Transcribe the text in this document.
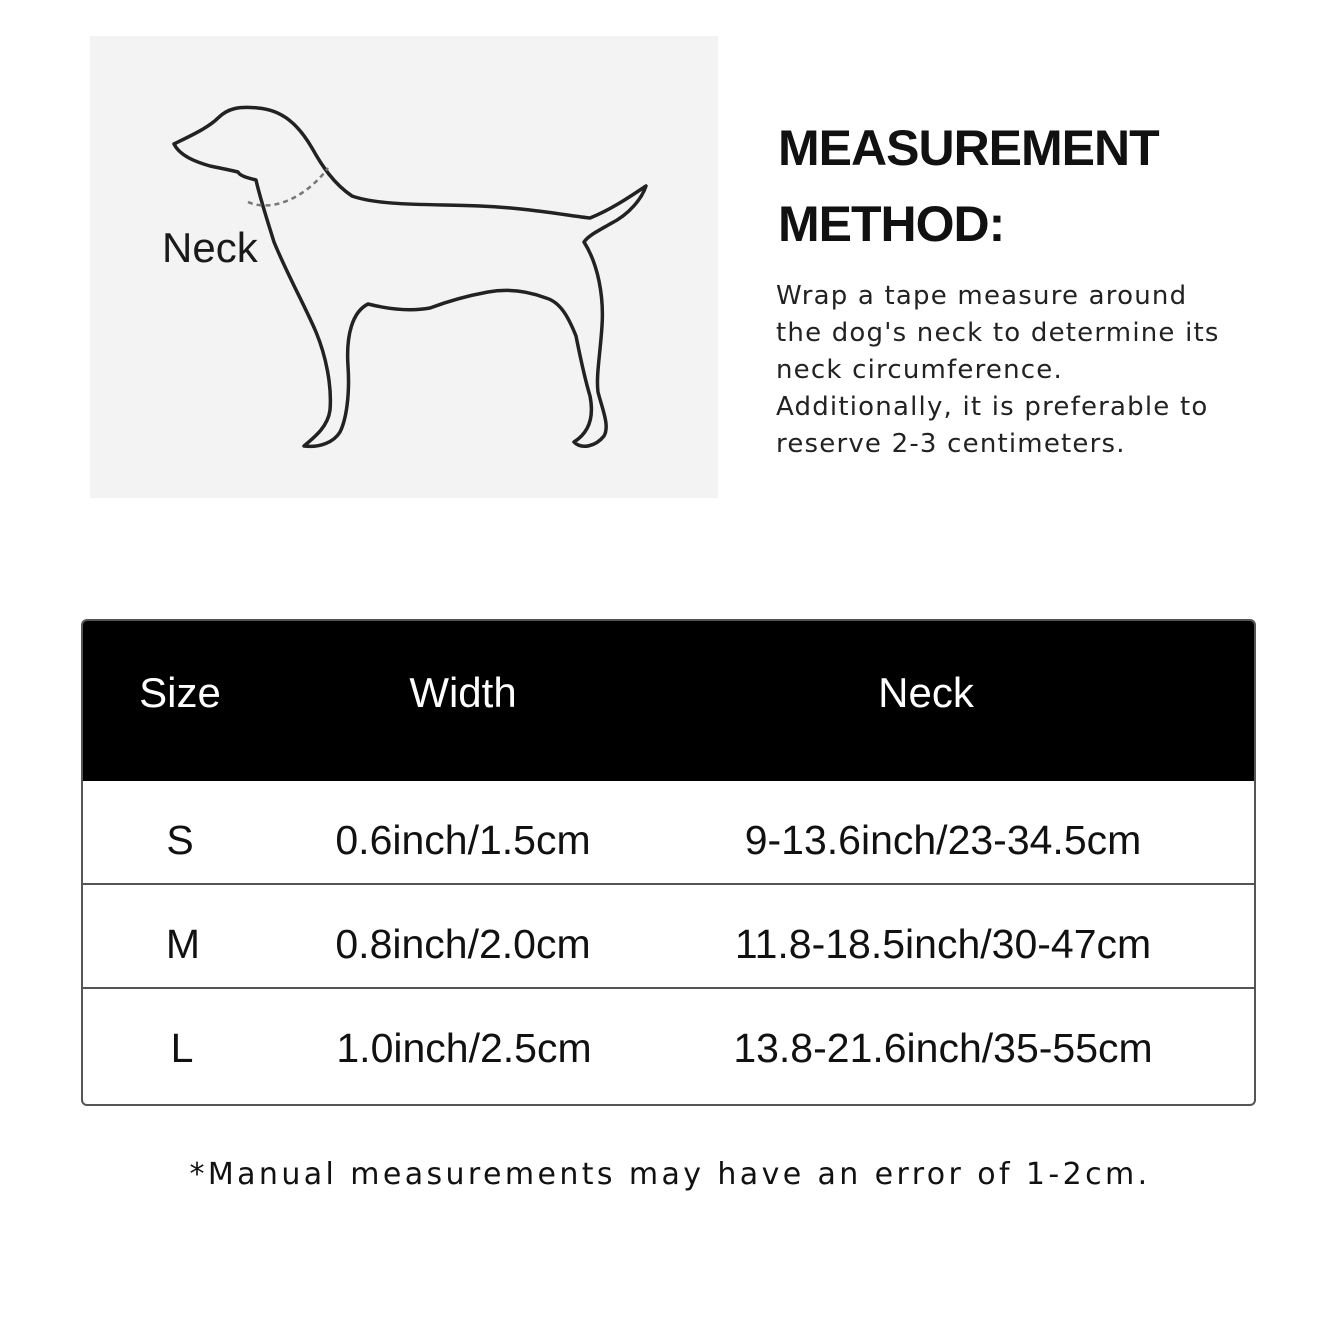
Neck
MEASUREMENT
METHOD:
Wrap a tape measure around
the dog's neck to determine its
neck circumference.
Additionally, it is preferable to
reserve 2-3 centimeters.
Size	Width	Neck
S	0.6inch/1.5cm	9-13.6inch/23-34.5cm
M	0.8inch/2.0cm	11.8-18.5inch/30-47cm
L	1.0inch/2.5cm	13.8-21.6inch/35-55cm
*Manual measurements may have an error of 1-2cm.
